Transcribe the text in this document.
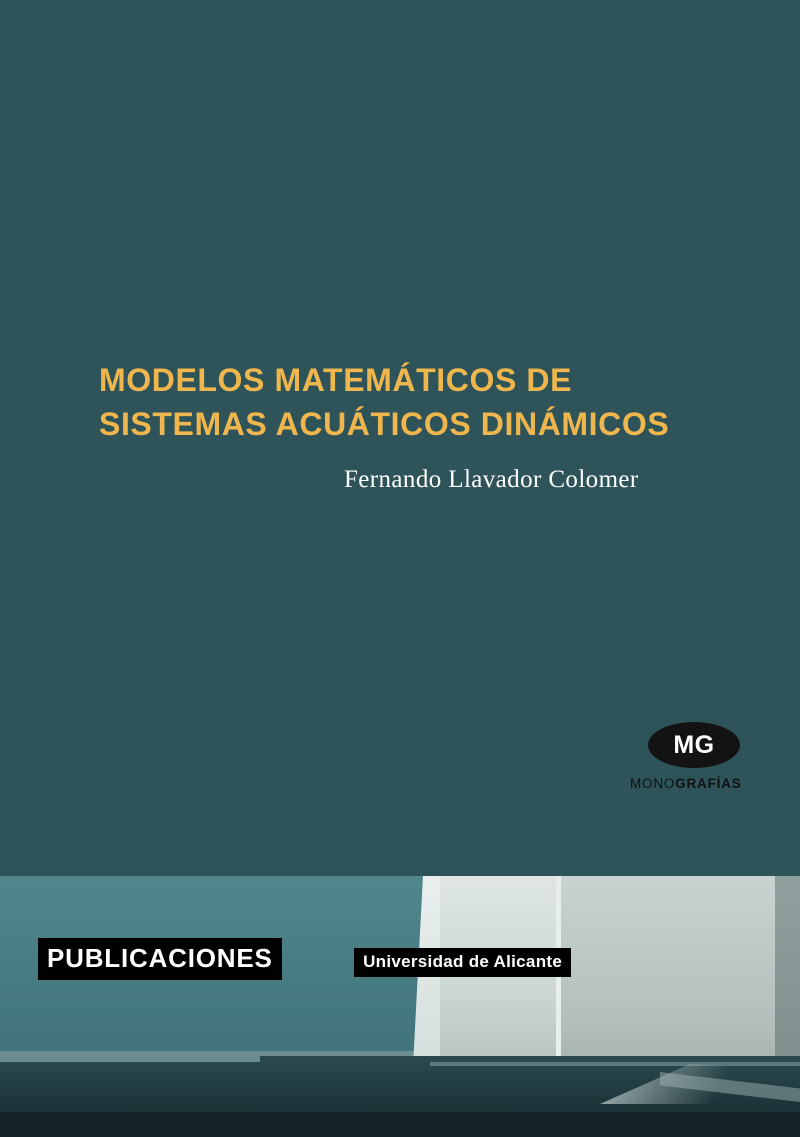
MODELOS MATEMÁTICOS DE
SISTEMAS ACUÁTICOS DINÁMICOS
Fernando Llavador Colomer
MG
MONOGRAFÍAS
PUBLICACIONES	Universidad de Alicante
